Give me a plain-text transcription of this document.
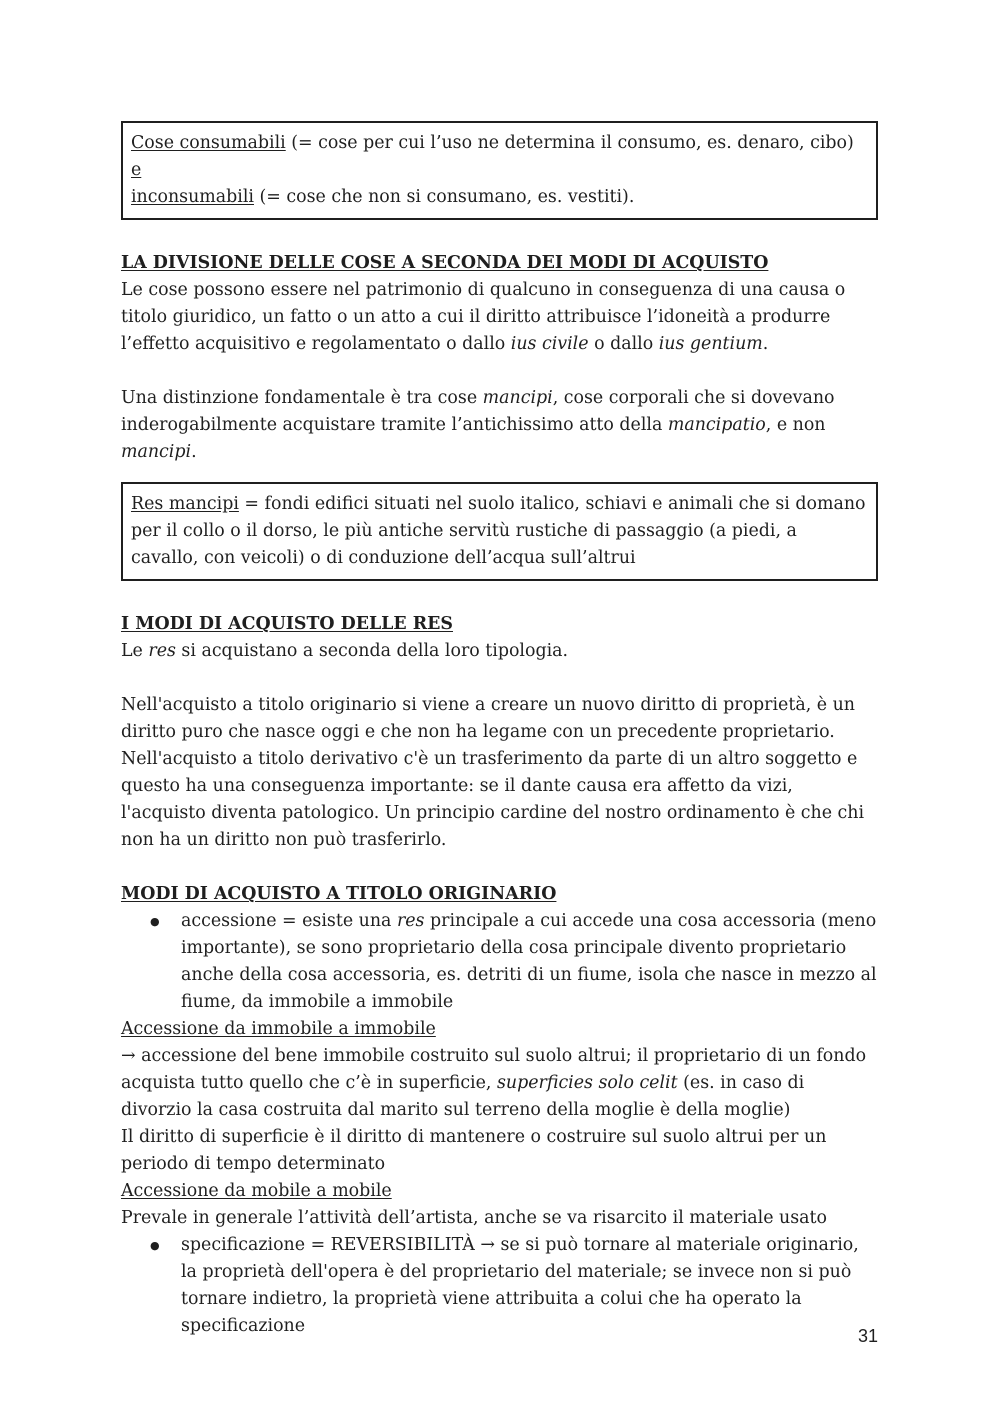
Cose consumabili (= cose per cui l’uso ne determina il consumo, es. denaro, cibo) e
inconsumabili (= cose che non si consumano, es. vestiti).

LA DIVISIONE DELLE COSE A SECONDA DEI MODI DI ACQUISTO

Le cose possono essere nel patrimonio di qualcuno in conseguenza di una causa o titolo giuridico, un fatto o un atto a cui il diritto attribuisce l’idoneità a produrre l’effetto acquisitivo e regolamentato o dallo ius civile o dallo ius gentium.

Una distinzione fondamentale è tra cose mancipi, cose corporali che si dovevano inderogabilmente acquistare tramite l’antichissimo atto della mancipatio, e non mancipi.

Res mancipi = fondi edifici situati nel suolo italico, schiavi e animali che si domano per il collo o il dorso, le più antiche servitù rustiche di passaggio (a piedi, a cavallo, con veicoli) o di conduzione dell’acqua sull’altrui

I MODI DI ACQUISTO DELLE RES

Le res si acquistano a seconda della loro tipologia.

Nell'acquisto a titolo originario si viene a creare un nuovo diritto di proprietà, è un diritto puro che nasce oggi e che non ha legame con un precedente proprietario. Nell'acquisto a titolo derivativo c'è un trasferimento da parte di un altro soggetto e questo ha una conseguenza importante: se il dante causa era affetto da vizi, l'acquisto diventa patologico. Un principio cardine del nostro ordinamento è che chi non ha un diritto non può trasferirlo.

MODI DI ACQUISTO A TITOLO ORIGINARIO

● accessione = esiste una res principale a cui accede una cosa accessoria (meno importante), se sono proprietario della cosa principale divento proprietario anche della cosa accessoria, es. detriti di un fiume, isola che nasce in mezzo al fiume, da immobile a immobile

Accessione da immobile a immobile

→ accessione del bene immobile costruito sul suolo altrui; il proprietario di un fondo acquista tutto quello che c’è in superficie, superficies solo celit (es. in caso di divorzio la casa costruita dal marito sul terreno della moglie è della moglie)

Il diritto di superficie è il diritto di mantenere o costruire sul suolo altrui per un periodo di tempo determinato

Accessione da mobile a mobile

Prevale in generale l’attività dell’artista, anche se va risarcito il materiale usato

● specificazione = REVERSIBILITÀ → se si può tornare al materiale originario, la proprietà dell'opera è del proprietario del materiale; se invece non si può tornare indietro, la proprietà viene attribuita a colui che ha operato la specificazione	31
